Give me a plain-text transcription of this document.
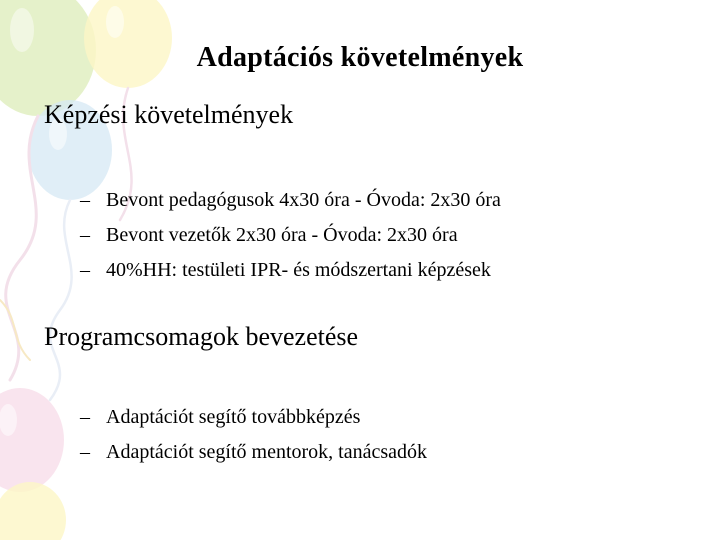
Adaptációs követelmények
Képzési követelmények
– Bevont pedagógusok 4x30 óra - Óvoda: 2x30 óra
– Bevont vezetők 2x30 óra - Óvoda: 2x30 óra
– 40%HH: testületi IPR- és módszertani képzések
Programcsomagok bevezetése
– Adaptációt segítő továbbképzés
– Adaptációt segítő mentorok, tanácsadók
